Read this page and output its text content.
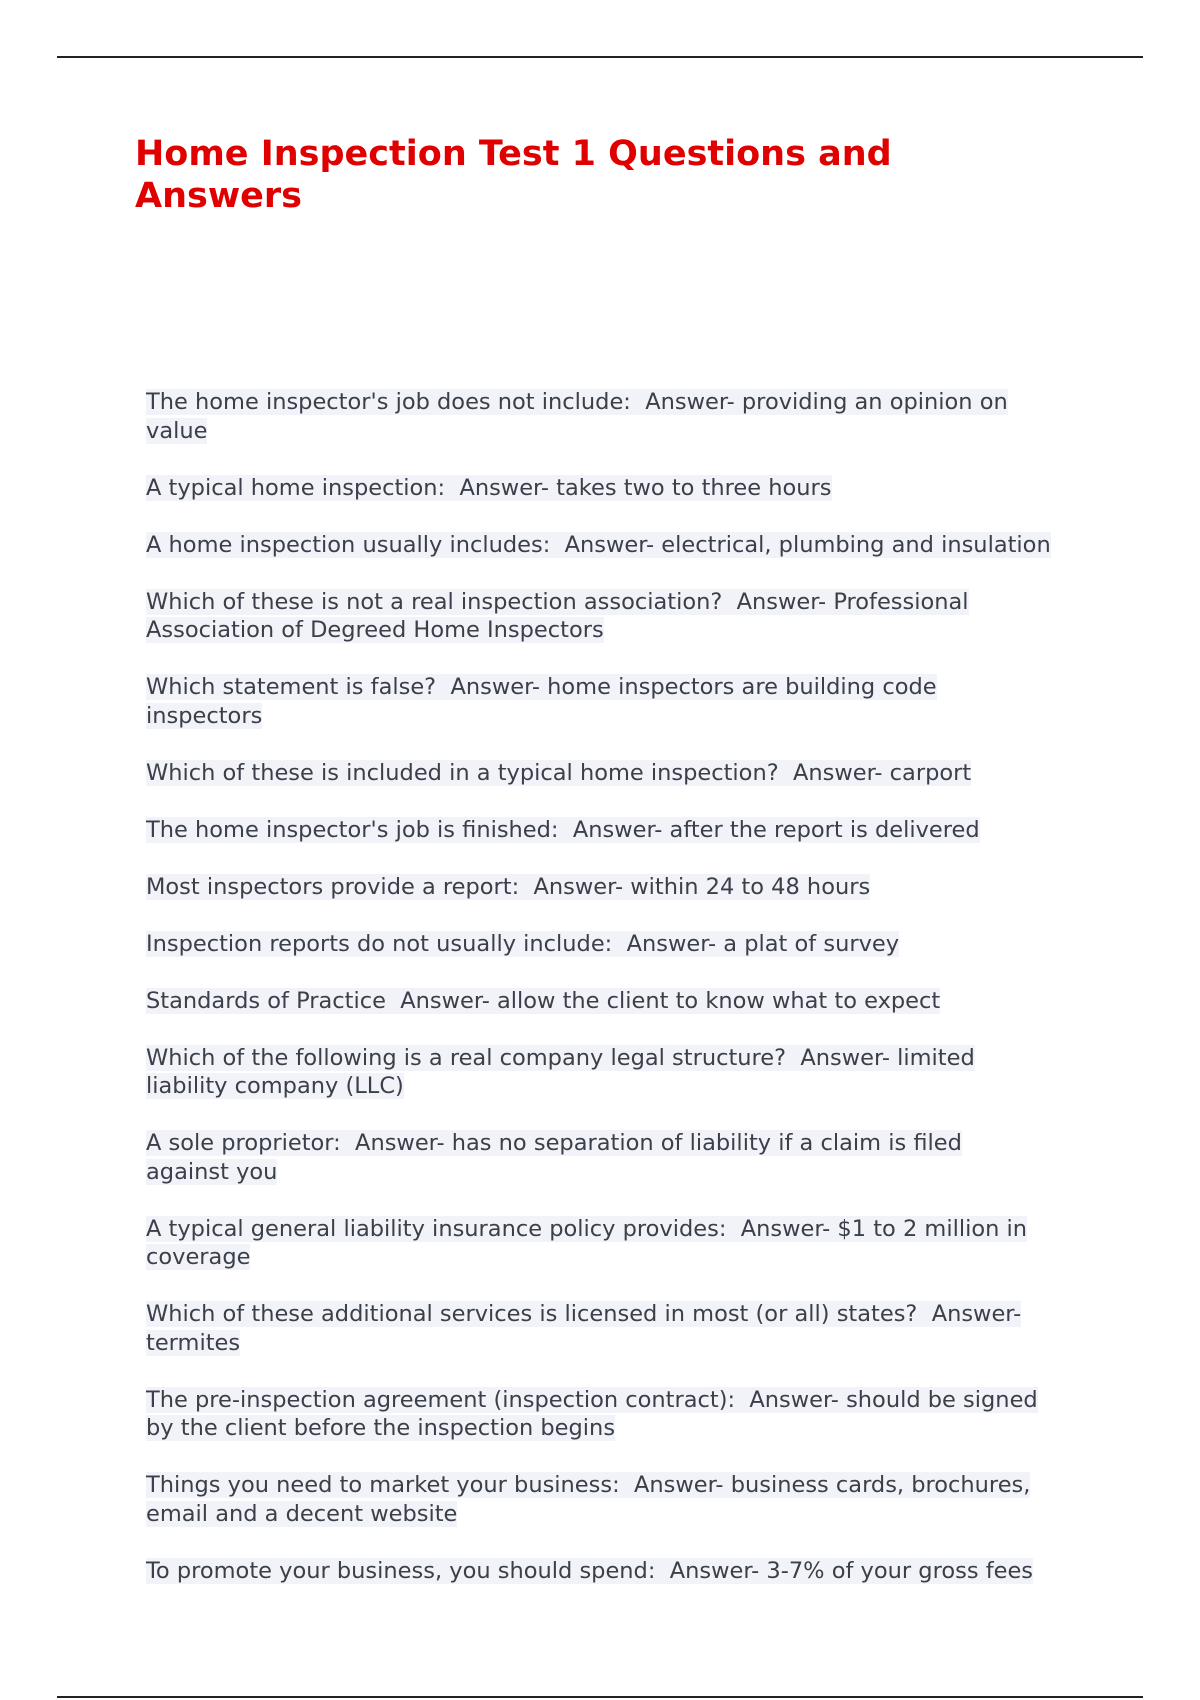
Home Inspection Test 1 Questions and Answers
The home inspector's job does not include: Answer- providing an opinion on value
A typical home inspection: Answer- takes two to three hours
A home inspection usually includes: Answer- electrical, plumbing and insulation
Which of these is not a real inspection association? Answer- Professional Association of Degreed Home Inspectors
Which statement is false? Answer- home inspectors are building code inspectors
Which of these is included in a typical home inspection? Answer- carport
The home inspector's job is finished: Answer- after the report is delivered
Most inspectors provide a report: Answer- within 24 to 48 hours
Inspection reports do not usually include: Answer- a plat of survey
Standards of Practice Answer- allow the client to know what to expect
Which of the following is a real company legal structure? Answer- limited liability company (LLC)
A sole proprietor: Answer- has no separation of liability if a claim is filed against you
A typical general liability insurance policy provides: Answer- $1 to 2 million in coverage
Which of these additional services is licensed in most (or all) states? Answer- termites
The pre-inspection agreement (inspection contract): Answer- should be signed by the client before the inspection begins
Things you need to market your business: Answer- business cards, brochures, email and a decent website
To promote your business, you should spend: Answer- 3-7% of your gross fees
